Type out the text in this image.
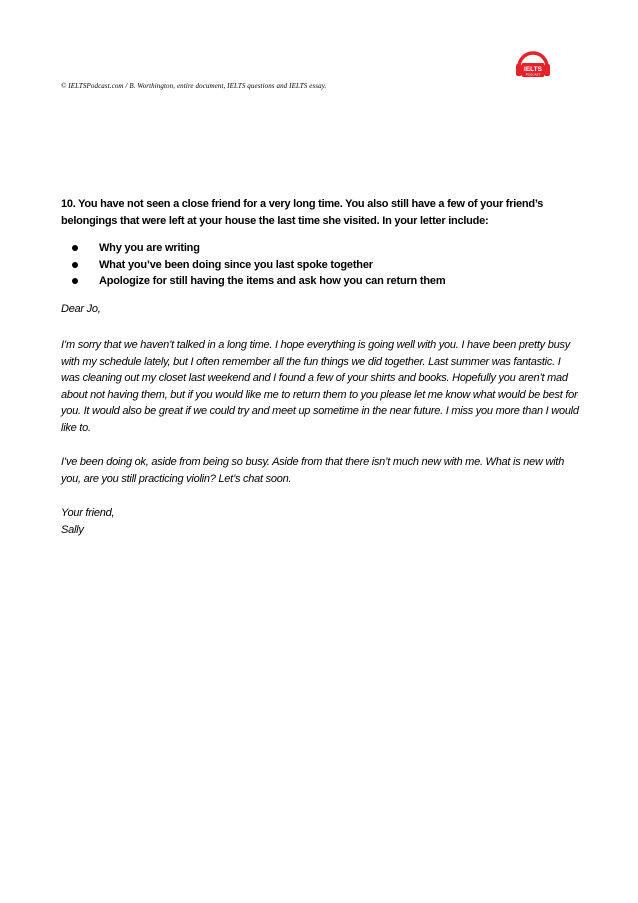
© IELTSPodcast.com / B. Worthington, entire document, IELTS questions and IELTS essay.
IELTS
PODCAST

10. You have not seen a close friend for a very long time. You also still have a few of your friend’s
belongings that were left at your house the last time she visited. In your letter include:

Why you are writing
What you’ve been doing since you last spoke together
Apologize for still having the items and ask how you can return them

Dear Jo,

I’m sorry that we haven’t talked in a long time. I hope everything is going well with you. I have been pretty busy with my schedule lately, but I often remember all the fun things we did together. Last summer was fantastic. I was cleaning out my closet last weekend and I found a few of your shirts and books. Hopefully you aren’t mad about not having them, but if you would like me to return them to you please let me know what would be best for you. It would also be great if we could try and meet up sometime in the near future. I miss you more than I would like to.

I’ve been doing ok, aside from being so busy. Aside from that there isn’t much new with me. What is new with you, are you still practicing violin? Let’s chat soon.

Your friend,
Sally
